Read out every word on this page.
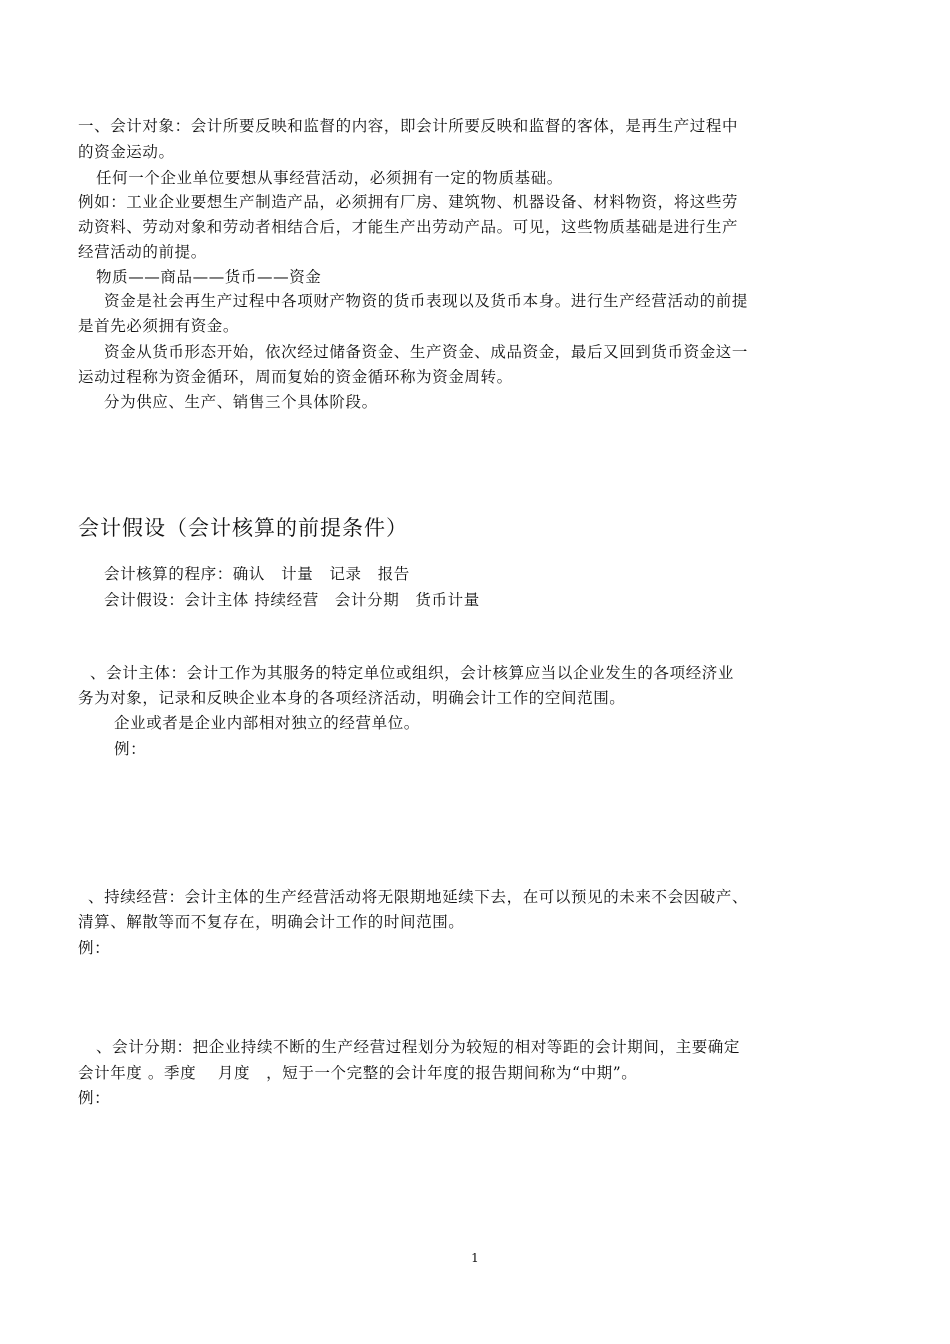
一、会计对象：会计所要反映和监督的内容，即会计所要反映和监督的客体，是再生产过程中
的资金运动。
任何一个企业单位要想从事经营活动，必须拥有一定的物质基础。
例如：工业企业要想生产制造产品，必须拥有厂房、建筑物、机器设备、材料物资，将这些劳
动资料、劳动对象和劳动者相结合后，才能生产出劳动产品。可见，这些物质基础是进行生产
经营活动的前提。
物质——商品——货币——资金
资金是社会再生产过程中各项财产物资的货币表现以及货币本身。进行生产经营活动的前提
是首先必须拥有资金。
资金从货币形态开始，依次经过储备资金、生产资金、成品资金，最后又回到货币资金这一
运动过程称为资金循环，周而复始的资金循环称为资金周转。
分为供应、生产、销售三个具体阶段。
会计假设（会计核算的前提条件）
会计核算的程序：确认　计量　记录　报告
会计假设：会计主体 持续经营　会计分期　货币计量
、会计主体：会计工作为其服务的特定单位或组织，会计核算应当以企业发生的各项经济业
务为对象，记录和反映企业本身的各项经济活动，明确会计工作的空间范围。
企业或者是企业内部相对独立的经营单位。
例：
、持续经营：会计主体的生产经营活动将无限期地延续下去，在可以预见的未来不会因破产、
清算、解散等而不复存在，明确会计工作的时间范围。
例：
、会计分期：把企业持续不断的生产经营过程划分为较短的相对等距的会计期间，主要确定
会计年度 。季度　 月度　，短于一个完整的会计年度的报告期间称为“中期”。
例：
1
